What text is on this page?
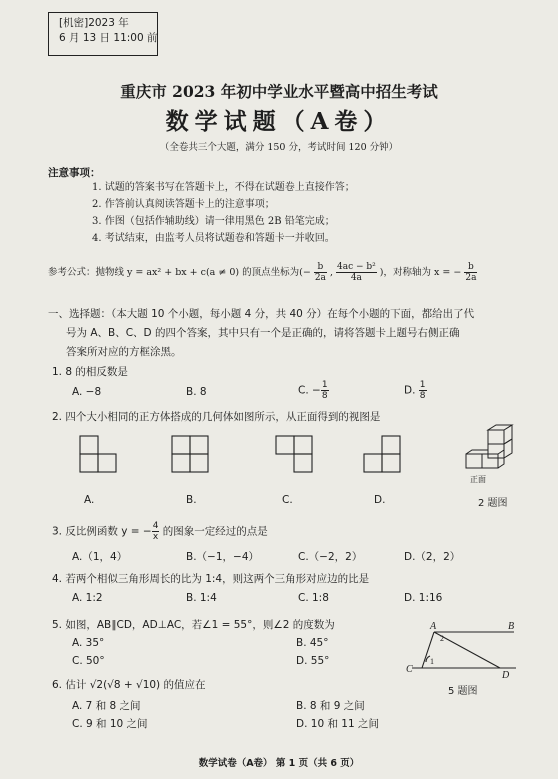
[机密]2023 年
6 月 13 日 11:00 前
重庆市 2023 年初中学业水平暨高中招生考试
数学试题（A卷）
（全卷共三个大题，满分 150 分，考试时间 120 分钟）
注意事项：
1. 试题的答案书写在答题卡上，不得在试题卷上直接作答；
2. 作答前认真阅读答题卡上的注意事项；
3. 作图（包括作辅助线）请一律用黑色 2B 铅笔完成；
4. 考试结束，由监考人员将试题卷和答题卡一并收回。
参考公式：抛物线 y = ax² + bx + c(a ≠ 0) 的顶点坐标为(− $\frac{b}{2a}$ , $\frac{\text{4ac − b²}}{4a}$ )，对称轴为 x = − $\frac{b}{2a}$
一、选择题：（本大题 10 个小题，每小题 4 分，共 40 分）在每个小题的下面，都给出了代
号为 A、B、C、D 的四个答案，其中只有一个是正确的，请将答题卡上题号右侧正确
答案所对应的方框涂黑。
1. 8 的相反数是
A. −8	B. 8	C. − $\frac{1}{8}$	D. $\frac{1}{8}$
2. 四个大小相同的正方体搭成的几何体如图所示，从正面得到的视图是
A.	B.	C.	D.
正面
2 题图
3. 反比例函数 y = − $\frac{4}{x}$ 的图象一定经过的点是
A.（1，4）	B.（−1，−4）	C.（−2，2）	D.（2，2）
4. 若两个相似三角形周长的比为 1:4，则这两个三角形对应边的比是
A. 1:2	B. 1:4	C. 1:8	D. 1:16
5. 如图，AB∥CD，AD⊥AC，若∠1 = 55°，则∠2 的度数为
A. 35°	B. 45°
C. 50°	D. 55°
A	B
C
D
1
2
5 题图
6. 估计 √2(√8 + √10) 的值应在
A. 7 和 8 之间	B. 8 和 9 之间
C. 9 和 10 之间	D. 10 和 11 之间
数学试卷（A卷） 第 1 页（共 6 页）
